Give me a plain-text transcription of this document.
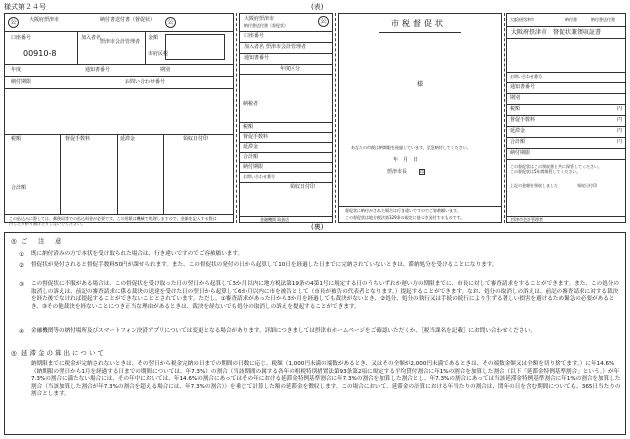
様式第２４号	(表)
(裏)
公	大阪府摂津市	納付書送付書（督促状）	公
口座番号
00910-8
加入者名
摂津市会計管理者
金額
市府民税
年度	通知書番号	期別
納付期限	お問い合わせ番号
税額	延滞金
督促手数料
合計額
領収日付印
この払込みに際しては、郵便局等での払込料金が必要です。この用紙は機械で処理しますので、金額を記入する際は
汚したり折り曲げたりしないでください。
大阪府摂津市
納付書送付書（督促状）
公
口座番号
加入者名 摂津市会計管理者
通知書番号
年度区分
納税者
税額
督促手数料
延滞金
合計額
納付期限
お問い合わせ番号
領収日付印
金融機関 取扱店
市税督促状
様
あなたの市税は納期限を経過しています。至急納付してください。
年　月　日
摂津市長	印
督促状に納付がされた場合は行き違いですのでご容赦願います。
この督促状は地方税法第329条の規定に基づき発付するものです。
大阪府摂津市	納付書	納付書送付書
大阪府摂津市　督促状兼領収証書
お問い合わせ番号
通知書番号
期別
税額	円
督促手数料	円
延滞金	円
合計額	円
納付期限
この督促状はこの領収書と共に保管してください。
この督促状は5年間保管してください。
上記の金額を領収しました	領収日付印
摂津市会計管理者
◎ ご　注　意
① 既に納付済みの方で本状を受け取られた場合は、行き違いですのでご容赦願います。
② 督促状が発付されると督促手数料50円が課せられます。また、この督促状の発付の日から起算して10日を経過した日までに完納されていないときは、滞納処分を受けることになります。
③ この督促状に不服がある場合は、この督促状を受け取った日の翌日から起算して3か月以内に地方税法第19条の4第1号に規定する日のうちいずれか遅い方の期限までに、市長に対して審査請求をすることができます。また、この処分の取消しの訴えは、前記の審査請求に係る裁決の送達を受けた日の翌日から起算して6か月以内に市を被告として（市長が被告の代表者となります。）提起することができます。なお、処分の取消しの訴えは、前記の審査請求に対する裁決を経た後でなければ提起することができないこととされています。ただし、①審査請求があった日から3か月を経過しても裁決がないとき、②処分、処分の執行又は手続の続行により生ずる著しい損害を避けるため緊急の必要があるとき、③その他裁決を経ないことにつき正当な理由があるときは、裁決を経ないでも処分の取消しの訴えを提起することができます。
④ 金融機関等の納付場所及びスマートフォン決済アプリについては変更となる場合があります。詳細につきましては摂津市ホームページをご確認いただくか、［税当課名を記載］にお問い合わせください。
◎ 延滞金の算出について
納期限までに税金が完納されないときは、その翌日から税金完納の日までの期間の日数に応じ、税額（1,000円未満の端数があるとき、又はその全額が2,000円未満であるときは、その端数金額又は全額を切り捨てます。）に年14.6%（納期限の翌日から1月を経過する日までの期間については、年7.3%）の割合（当該期間の属する各年の租税特別措置法第93条第2項に規定する平均貸付割合に年1%の割合を加算した割合（以下「延滞金特例基準割合」という。）が年7.3%の割合に満たない場合には、その年中においては、年14.6%の割合にあってはその年における延滞金特例基準割合に年7.3%の割合を加算した割合とし、年7.3%の割合にあっては当該延滞金特例基準割合に年1%の割合を加算した割合（当該加算した割合が年7.3%の割合を超える場合には、年7.3%の割合））を乗じて計算した額の延滞金を徴収します。この場合において、延滞金の計算における年当たりの割合は、閏年の日を含む期間についても、365日当たりの割合とします。
